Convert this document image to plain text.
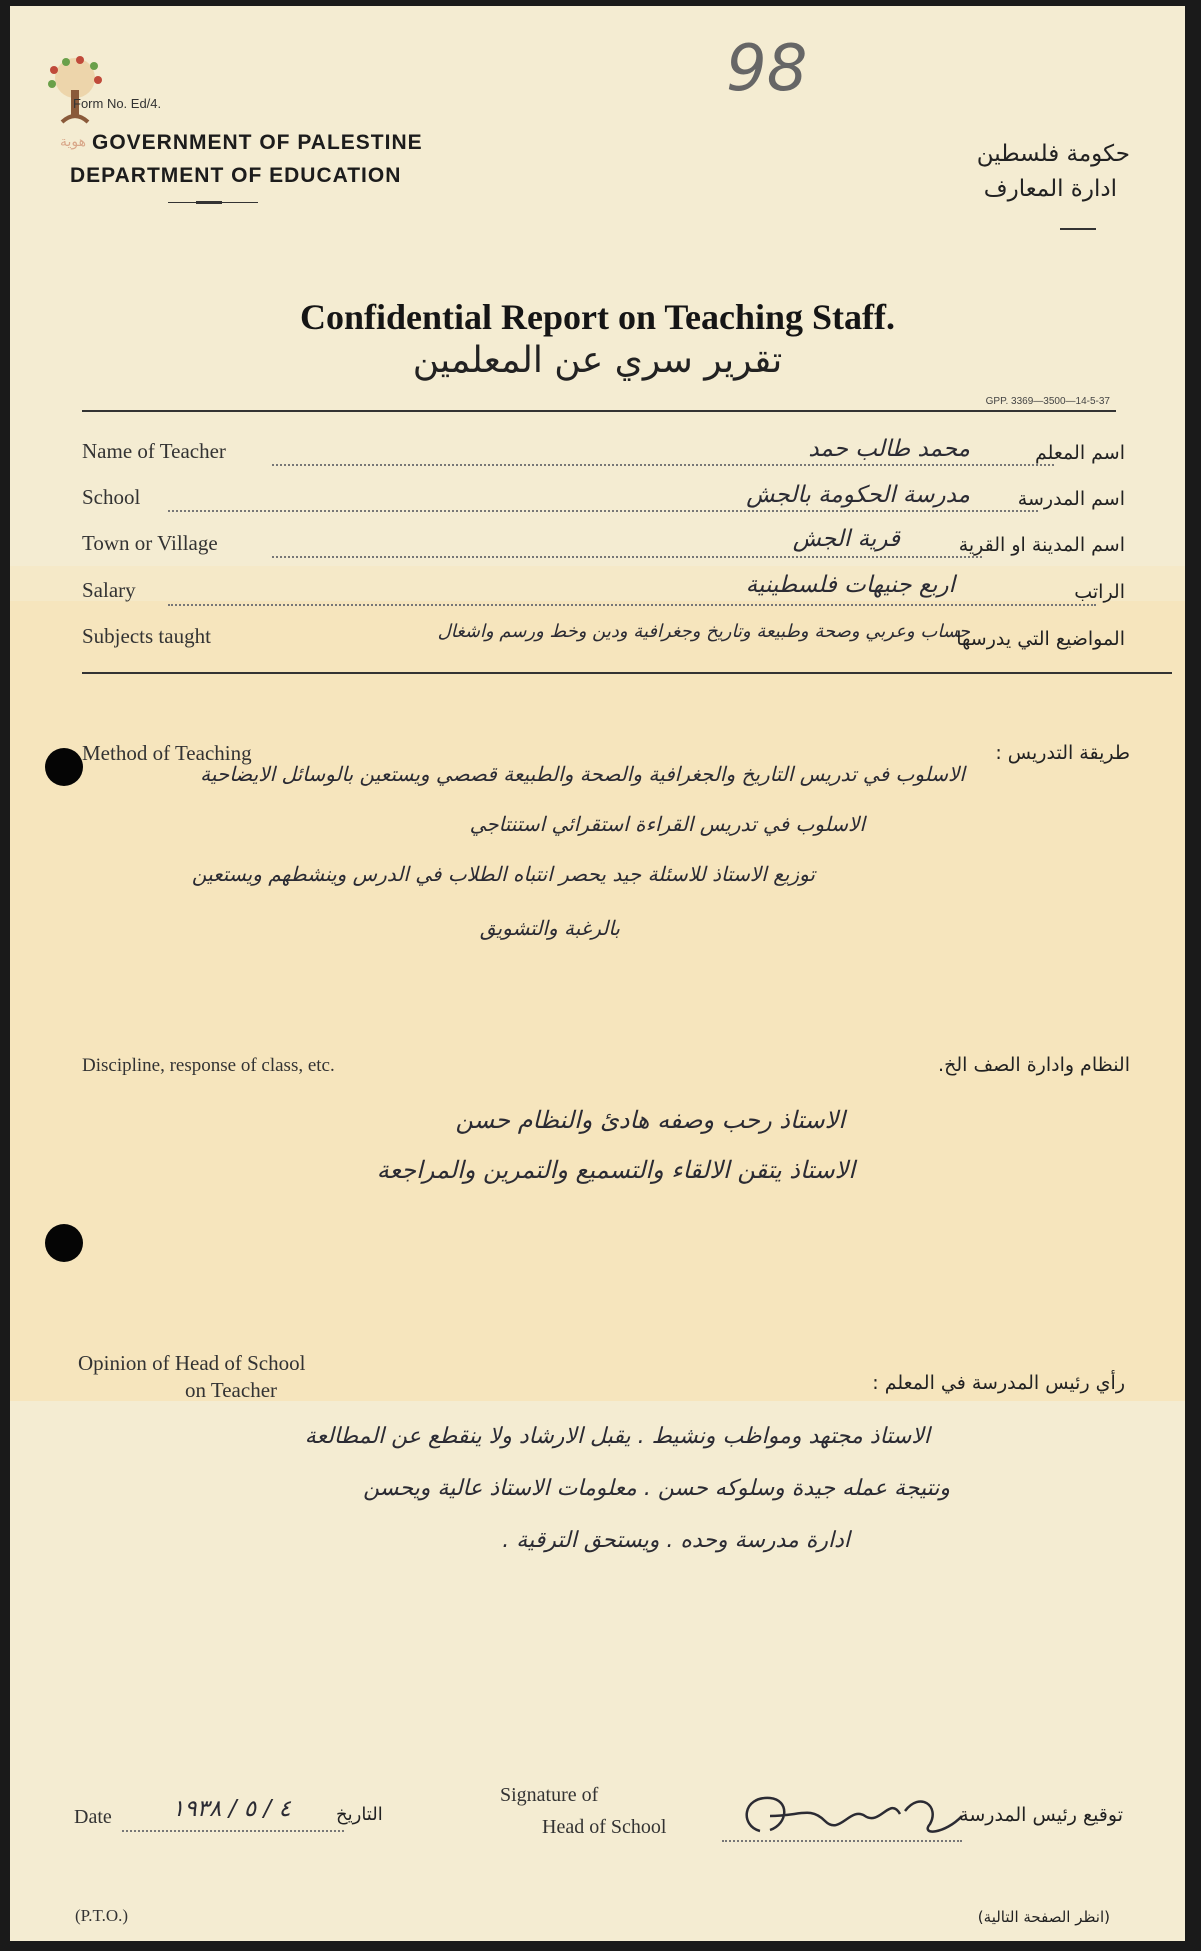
هوية
Form No. Ed/4.	98
GOVERNMENT OF PALESTINE
DEPARTMENT OF EDUCATION
حكومة فلسطين
ادارة المعارف
Confidential Report on Teaching Staff.
تقرير سري عن المعلمين
GPP. 3369—3500—14-5-37
Name of Teacher	محمد طالب حمد	اسم المعلم
School	مدرسة الحكومة بالجش	اسم المدرسة
Town or Village	قرية الجش	اسم المدينة او القرية
Salary	اربع جنيهات فلسطينية	الراتب
Subjects taught	حساب وعربي وصحة وطبيعة وتاريخ وجغرافية ودين وخط ورسم واشغال
المواضيع التي يدرسها
Method of Teaching	طريقة التدريس :
الاسلوب في تدريس التاريخ والجغرافية والصحة والطبيعة قصصي ويستعين بالوسائل الايضاحية
الاسلوب في تدريس القراءة استقرائي استنتاجي
توزيع الاستاذ للاسئلة جيد يحصر انتباه الطلاب في الدرس وينشطهم ويستعين
بالرغبة والتشويق
Discipline, response of class, etc.	النظام وادارة الصف الخ.
الاستاذ رحب وصفه هادئ والنظام حسن
الاستاذ يتقن الالقاء والتسميع والتمرين والمراجعة
Opinion of Head of School
on Teacher	رأي رئيس المدرسة في المعلم :
الاستاذ مجتهد ومواظب ونشيط . يقبل الارشاد ولا ينقطع عن المطالعة
ونتيجة عمله جيدة وسلوكه حسن . معلومات الاستاذ عالية ويحسن
ادارة مدرسة وحده . ويستحق الترقية .
Date	٤ / ٥ / ١٩٣٨	التاريخ
Signature of
Head of School
توقيع رئيس المدرسة
(P.T.O.)	(انظر الصفحة التالية)
